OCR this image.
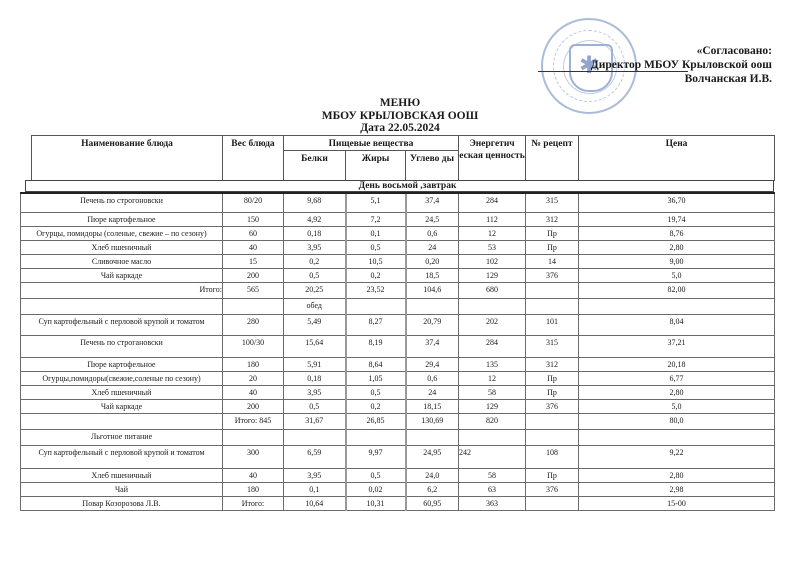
✱
«Согласовано:
Директор МБОУ Крыловской оош
Волчанская И.В.
МЕНЮ
МБОУ КРЫЛОВСКАЯ ООШ
Дата 22.05.2024
Наименование блюда	Вес блюда	Пищевые вещества			Энергетич еская ценность	№ рецепт	Цена
		Белки	Жиры	Углево ды			
День восьмой ,завтрак
Печень по строгоновски	80/20	9,68	5,1	37,4	284	315	36,70
Пюре картофельное	150	4,92	7,2	24,5	112	312	19,74
Огурцы, помидоры (соленые, свежие – по сезону)	60	0,18	0,1	0,6	12	Пр	8,76
Хлеб пшеничный	40	3,95	0,5	24	53	Пр	2,80
Сливочное масло	15	0,2	10,5	0,20	102	14	9,00
Чай каркаде	200	0,5	0,2	18,5	129	376	5,0
Итого:	565	20,25	23,52	104,6	680		82,00
		обед					
Суп картофельный с перловой крупой и томатом	280	5,49	8,27	20,79	202	101	8,04
Печень по строгановски	100/30	15,64	8,19	37,4	284	315	37,21
Пюре картофельное	180	5,91	8,64	29,4	135	312	20,18
Огурцы,помидоры(свежие,соленые по сезону)	20	0,18	1,05	0,6	12	Пр	6,77
Хлеб пшеничный	40	3,95	0,5	24	58	Пр	2,80
Чай каркаде	200	0,5	0,2	18,15	129	376	5,0
	Итого: 845	31,67	26,85	130,69	820		80,0
Льготное питание							
Суп картофельный с перловой крупой и томатом	300	6,59	9,97	24,95	242	108	9,22
Хлеб пшеничный	40	3,95	0,5	24,0	58	Пр	2,80
Чай	180	0,1	0,02	6,2	63	376	2,98
Повар Козорозова Л.В.	Итого:	10,64	10,31	60,95	363		15-00
